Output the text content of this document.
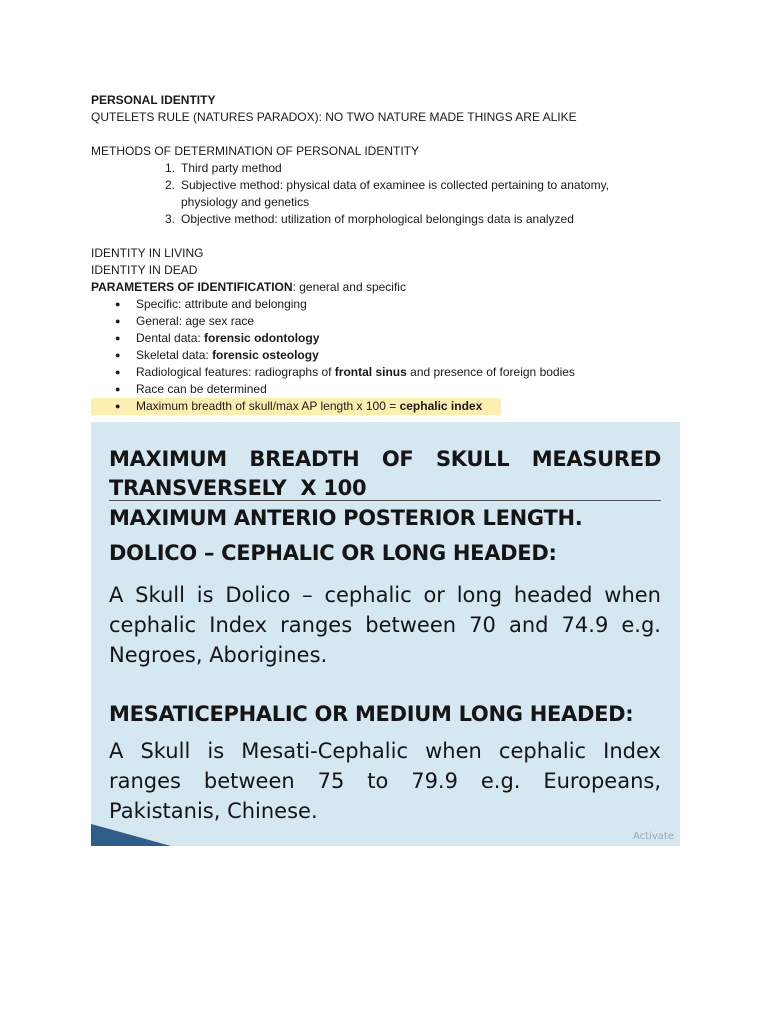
PERSONAL IDENTITY
QUTELETS RULE (NATURES PARADOX): NO TWO NATURE MADE THINGS ARE ALIKE
METHODS OF DETERMINATION OF PERSONAL IDENTITY
1. Third party method
2. Subjective method: physical data of examinee is collected pertaining to anatomy, physiology and genetics
3. Objective method: utilization of morphological belongings data is analyzed
IDENTITY IN LIVING
IDENTITY IN DEAD
PARAMETERS OF IDENTIFICATION: general and specific
● Specific: attribute and belonging
● General: age sex race
● Dental data: forensic odontology
● Skeletal data: forensic osteology
● Radiological features: radiographs of frontal sinus and presence of foreign bodies
● Race can be determined
● Maximum breadth of skull/max AP length x 100 = cephalic index
MAXIMUM BREADTH OF SKULL MEASURED
TRANSVERSELY  X 100
MAXIMUM ANTERIO POSTERIOR LENGTH.
DOLICO – CEPHALIC OR LONG HEADED:
A Skull is Dolico – cephalic or long headed when cephalic Index ranges between 70 and 74.9 e.g. Negroes, Aborigines.
MESATICEPHALIC OR MEDIUM LONG HEADED:
A Skull is Mesati-Cephalic when cephalic Index ranges between 75 to 79.9 e.g. Europeans, Pakistanis, Chinese.
Activate
